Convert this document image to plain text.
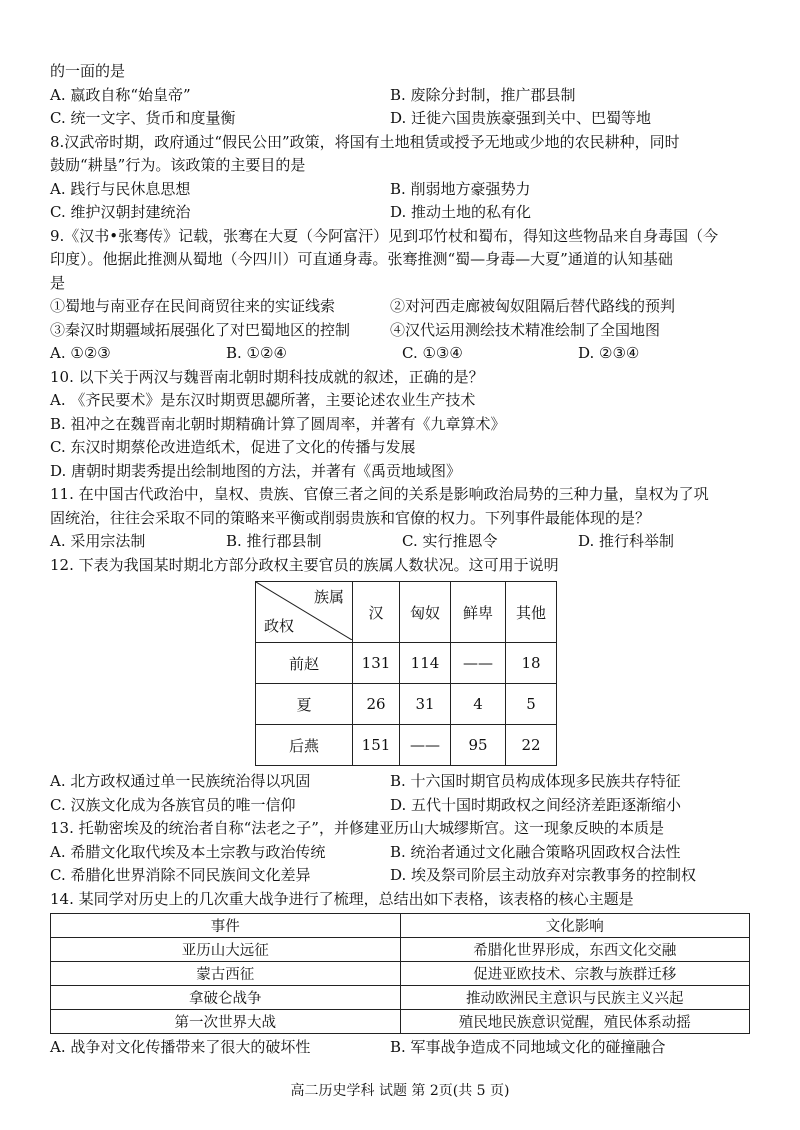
的一面的是
A. 嬴政自称“始皇帝”	B. 废除分封制，推广郡县制
C. 统一文字、货币和度量衡	D. 迁徙六国贵族豪强到关中、巴蜀等地
8.汉武帝时期，政府通过“假民公田”政策，将国有土地租赁或授予无地或少地的农民耕种，同时
鼓励“耕垦”行为。该政策的主要目的是
A. 践行与民休息思想	B. 削弱地方豪强势力
C. 维护汉朝封建统治	D. 推动土地的私有化
9.《汉书•张骞传》记载，张骞在大夏（今阿富汗）见到邛竹杖和蜀布，得知这些物品来自身毒国（今
印度）。他据此推测从蜀地（今四川）可直通身毒。张骞推测“蜀—身毒—大夏”通道的认知基础
是
①蜀地与南亚存在民间商贸往来的实证线索	②对河西走廊被匈奴阻隔后替代路线的预判
③秦汉时期疆域拓展强化了对巴蜀地区的控制	④汉代运用测绘技术精准绘制了全国地图
A. ①②③	B. ①②④	C. ①③④	D. ②③④
10. 以下关于两汉与魏晋南北朝时期科技成就的叙述，正确的是？
A. 《齐民要术》是东汉时期贾思勰所著，主要论述农业生产技术
B. 祖冲之在魏晋南北朝时期精确计算了圆周率，并著有《九章算术》
C. 东汉时期蔡伦改进造纸术，促进了文化的传播与发展
D. 唐朝时期裴秀提出绘制地图的方法，并著有《禹贡地域图》
11. 在中国古代政治中，皇权、贵族、官僚三者之间的关系是影响政治局势的三种力量，皇权为了巩
固统治，往往会采取不同的策略来平衡或削弱贵族和官僚的权力。下列事件最能体现的是？
A. 采用宗法制	B. 推行郡县制	C. 实行推恩令	D. 推行科举制
12. 下表为我国某时期北方部分政权主要官员的族属人数状况。这可用于说明
族属
政权	汉	匈奴	鲜卑	其他
前赵	131	114	——	18
夏	26	31	4	5
后燕	151	——	95	22
A. 北方政权通过单一民族统治得以巩固	B. 十六国时期官员构成体现多民族共存特征
C. 汉族文化成为各族官员的唯一信仰	D. 五代十国时期政权之间经济差距逐渐缩小
13. 托勒密埃及的统治者自称“法老之子”，并修建亚历山大城缪斯宫。这一现象反映的本质是
A. 希腊文化取代埃及本土宗教与政治传统	B. 统治者通过文化融合策略巩固政权合法性
C. 希腊化世界消除不同民族间文化差异	D. 埃及祭司阶层主动放弃对宗教事务的控制权
14. 某同学对历史上的几次重大战争进行了梳理，总结出如下表格，该表格的核心主题是
事件	文化影响
亚历山大远征	希腊化世界形成，东西文化交融
蒙古西征	促进亚欧技术、宗教与族群迁移
拿破仑战争	推动欧洲民主意识与民族主义兴起
第一次世界大战	殖民地民族意识觉醒，殖民体系动摇
A. 战争对文化传播带来了很大的破坏性	B. 军事战争造成不同地域文化的碰撞融合
高二历史学科 试题 第 2页(共 5 页)
